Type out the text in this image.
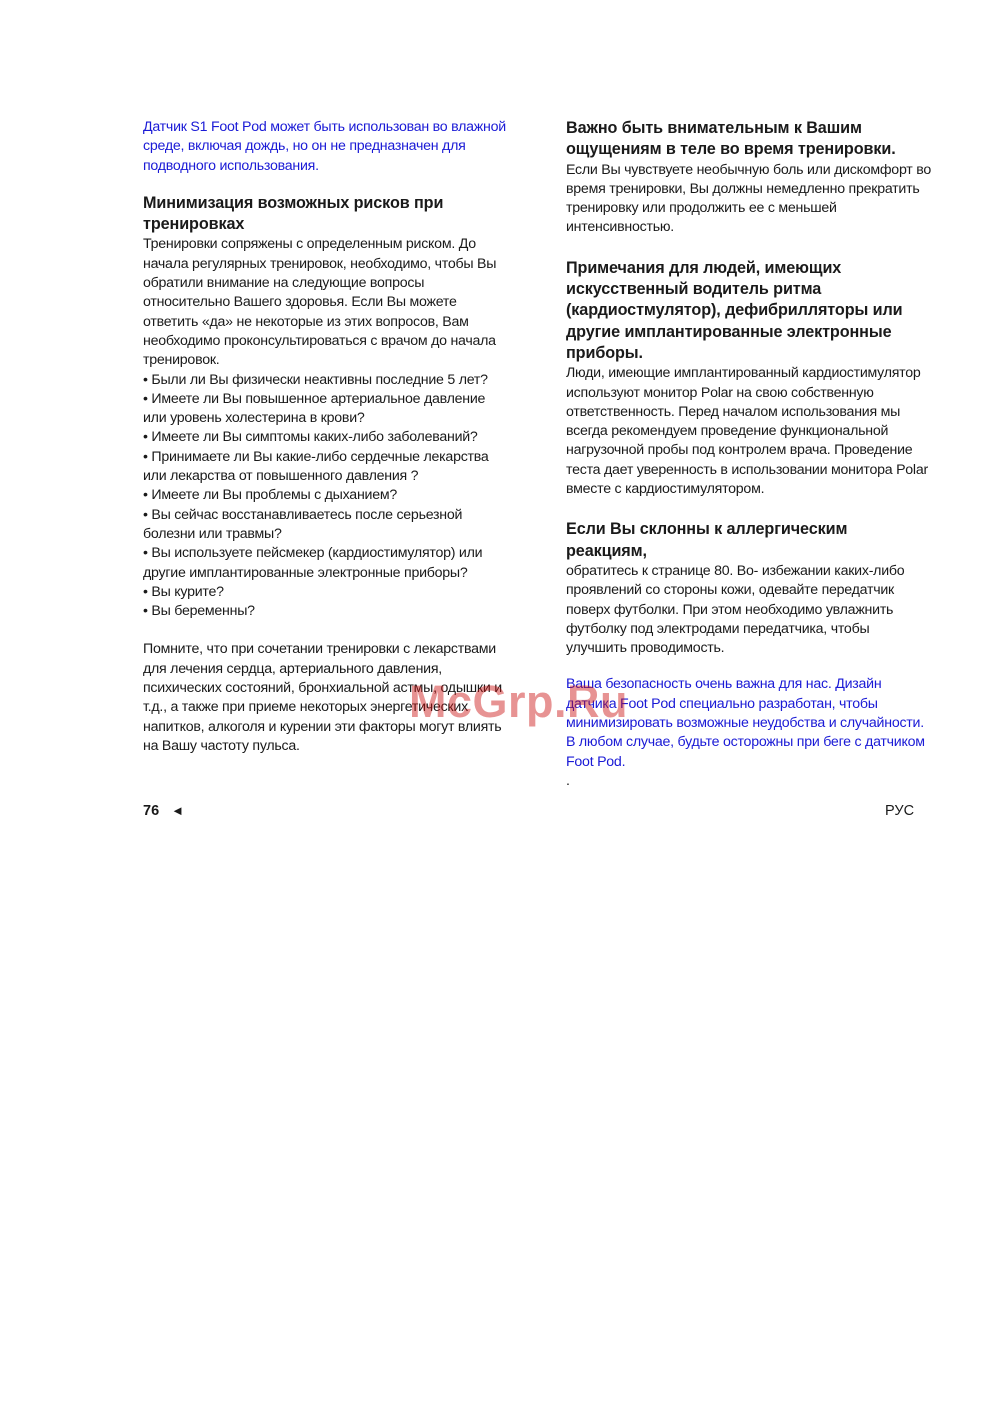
Датчик S1 Foot Pod может быть использован во влажной среде, включая дождь, но он не предназначен для подводного использования.

Минимизация возможных рисков при тренировках

Тренировки сопряжены с определенным риском. До начала регулярных тренировок, необходимо, чтобы Вы обратили внимание на следующие вопросы относительно Вашего здоровья. Если Вы можете ответить «да» не некоторые из этих вопросов, Вам необходимо проконсультироваться с врачом до начала тренировок.

• Были ли Вы физически неактивны последние 5 лет?
• Имеете ли Вы повышенное артериальное давление или уровень холестерина в крови?
• Имеете ли Вы симптомы каких-либо заболеваний?
• Принимаете ли Вы какие-либо сердечные лекарства или лекарства от повышенного давления ?
• Имеете ли Вы проблемы с дыханием?
• Вы сейчас восстанавливаетесь после серьезной болезни или травмы?
• Вы используете пейсмекер (кардиостимулятор) или другие имплантированные электронные приборы?
• Вы курите?
• Вы беременны?

Помните, что при сочетании тренировки с лекарствами для лечения сердца, артериального давления, психических состояний, бронхиальной астмы, одышки и т.д., а также при приеме некоторых энергетических напитков, алкоголя и курении эти факторы могут влиять на Вашу частоту пульса.

Важно быть внимательным к Вашим ощущениям в теле во время тренировки.

Если Вы чувствуете необычную боль или дискомфорт во время тренировки, Вы должны немедленно прекратить тренировку или продолжить ее с меньшей интенсивностью.

Примечания для людей, имеющих искусственный водитель ритма (кардиостмулятор), дефибрилляторы или другие имплантированные электронные приборы.

Люди, имеющие имплантированный кардиостимулятор используют монитор Polar на свою собственную ответственность. Перед началом использования мы всегда рекомендуем проведение функциональной нагрузочной пробы под контролем врача. Проведение теста дает уверенность в использовании монитора Polar вместе с кардиостимулятором.

Если Вы склонны к аллергическим реакциям,

обратитесь к странице 80. Во- избежании каких-либо проявлений со стороны кожи, одевайте передатчик поверх футболки. При этом необходимо увлажнить футболку под электродами передатчика, чтобы улучшить проводимость.

Ваша безопасность очень важна для нас. Дизайн датчика Foot Pod специально разработан, чтобы минимизировать возможные неудобства и случайности. В любом случае, будьте осторожны при беге с датчиком Foot Pod.

.

McGrp.Ru
76 ◄	РУС
